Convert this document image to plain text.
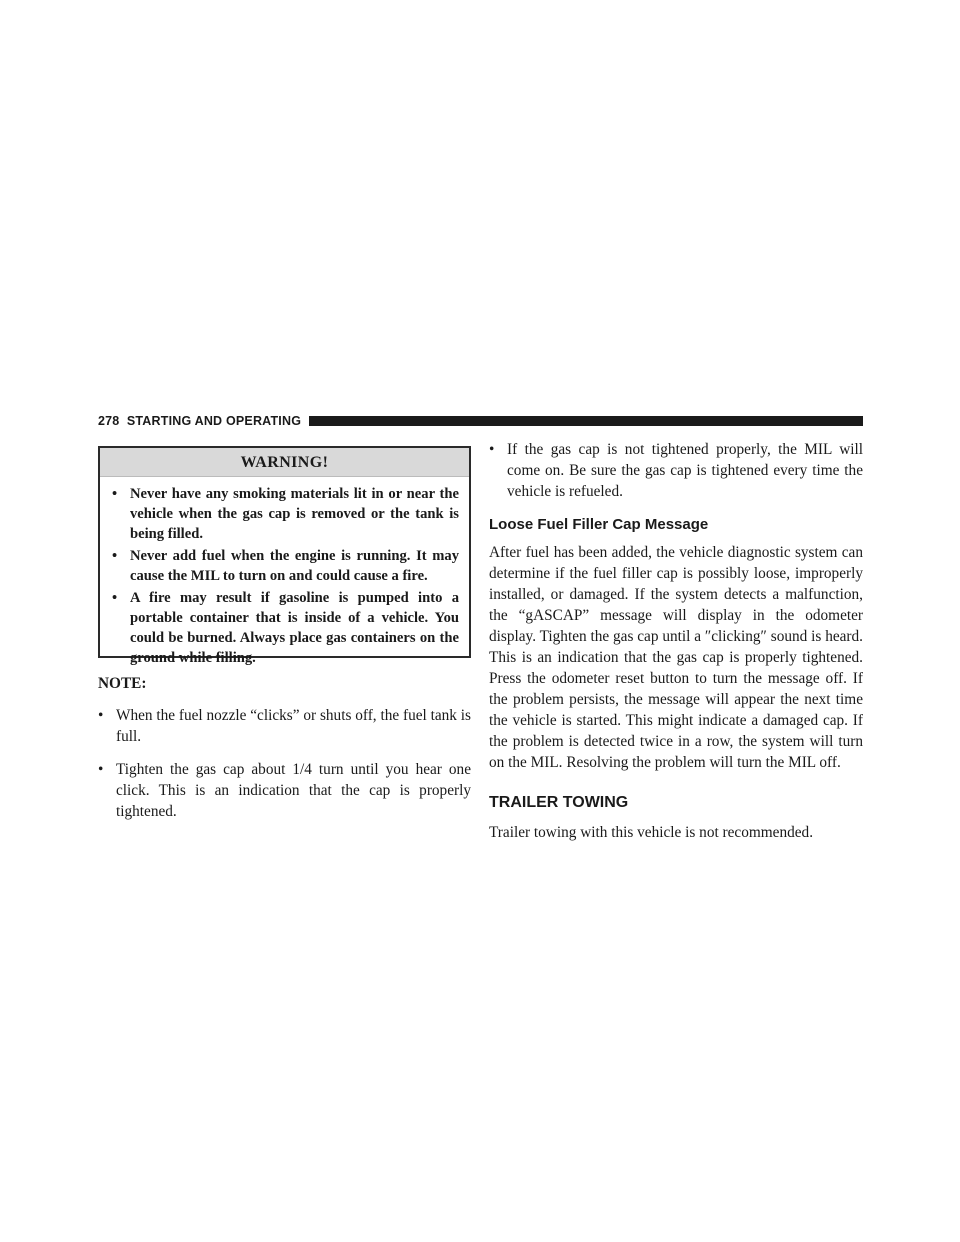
278 STARTING AND OPERATING
WARNING!
• Never have any smoking materials lit in or near the vehicle when the gas cap is removed or the tank is being filled.
• Never add fuel when the engine is running. It may cause the MIL to turn on and could cause a fire.
• A fire may result if gasoline is pumped into a portable container that is inside of a vehicle. You could be burned. Always place gas containers on the ground while filling.
NOTE:
• When the fuel nozzle “clicks” or shuts off, the fuel tank is full.
• Tighten the gas cap about 1/4 turn until you hear one click. This is an indication that the cap is properly tightened.
• If the gas cap is not tightened properly, the MIL will come on. Be sure the gas cap is tightened every time the vehicle is refueled.
Loose Fuel Filler Cap Message
After fuel has been added, the vehicle diagnostic system can determine if the fuel filler cap is possibly loose, improperly installed, or damaged. If the system detects a malfunction, the “gASCAP” message will display in the odometer display. Tighten the gas cap until a ″clicking″ sound is heard. This is an indication that the gas cap is properly tightened. Press the odometer reset button to turn the message off. If the problem persists, the message will appear the next time the vehicle is started. This might indicate a damaged cap. If the problem is detected twice in a row, the system will turn on the MIL. Resolving the problem will turn the MIL off.
TRAILER TOWING
Trailer towing with this vehicle is not recommended.
